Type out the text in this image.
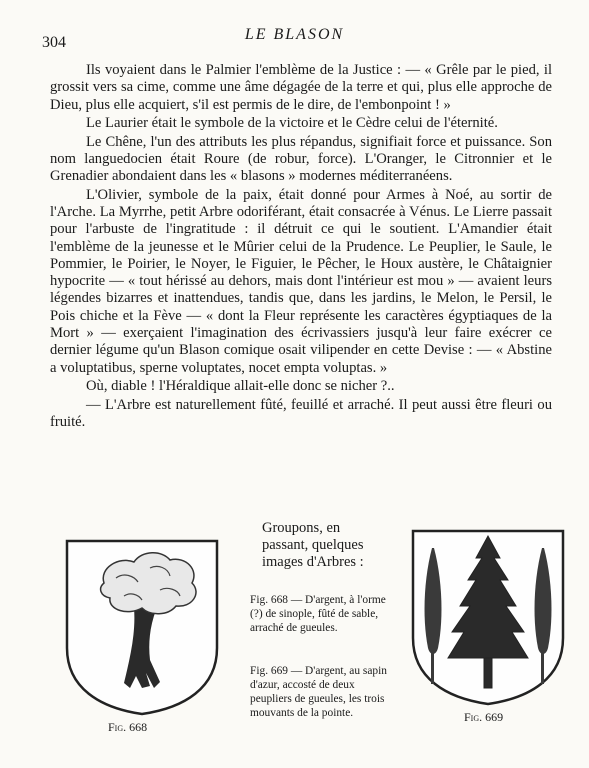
304	LE BLASON

Ils voyaient dans le Palmier l'emblème de la Justice : — « Grêle par le pied, il grossit vers sa cime, comme une âme dégagée de la terre et qui, plus elle approche de Dieu, plus elle acquiert, s'il est permis de le dire, de l'embonpoint ! »

Le Laurier était le symbole de la victoire et le Cèdre celui de l'éternité.

Le Chêne, l'un des attributs les plus répandus, signifiait force et puissance. Son nom languedocien était Roure (de robur, force). L'Oranger, le Citronnier et le Grenadier abondaient dans les « blasons » modernes méditerranéens.

L'Olivier, symbole de la paix, était donné pour Armes à Noé, au sortir de l'Arche. La Myrrhe, petit Arbre odoriférant, était consacrée à Vénus. Le Lierre passait pour l'arbuste de l'ingratitude : il détruit ce qui le soutient. L'Amandier était l'emblème de la jeunesse et le Mûrier celui de la Prudence. Le Peuplier, le Saule, le Pommier, le Poirier, le Noyer, le Figuier, le Pêcher, le Houx austère, le Châtaignier hypocrite — « tout hérissé au dehors, mais dont l'intérieur est mou » — avaient leurs légendes bizarres et inattendues, tandis que, dans les jardins, le Melon, le Persil, le Pois chiche et la Fève — « dont la Fleur représente les caractères égyptiaques de la Mort » — exerçaient l'imagination des écrivassiers jusqu'à leur faire exécrer ce dernier légume qu'un Blason comique osait vilipender en cette Devise : — « Abstine a voluptatibus, sperne voluptates, nocet empta voluptas. »

Où, diable ! l'Héraldique allait-elle donc se nicher ?..

— L'Arbre est naturellement fûté, feuillé et arraché. Il peut aussi être fleuri ou fruité.

Groupons, en passant, quelques images d'Arbres :
Fig. 668 — D'argent, à l'orme (?) de sinople, fûté de sable, arraché de gueules.
Fig. 669 — D'argent, au sapin d'azur, accosté de deux peupliers de gueules, les trois mouvants de la pointe.
Fig. 668
Fig. 669
